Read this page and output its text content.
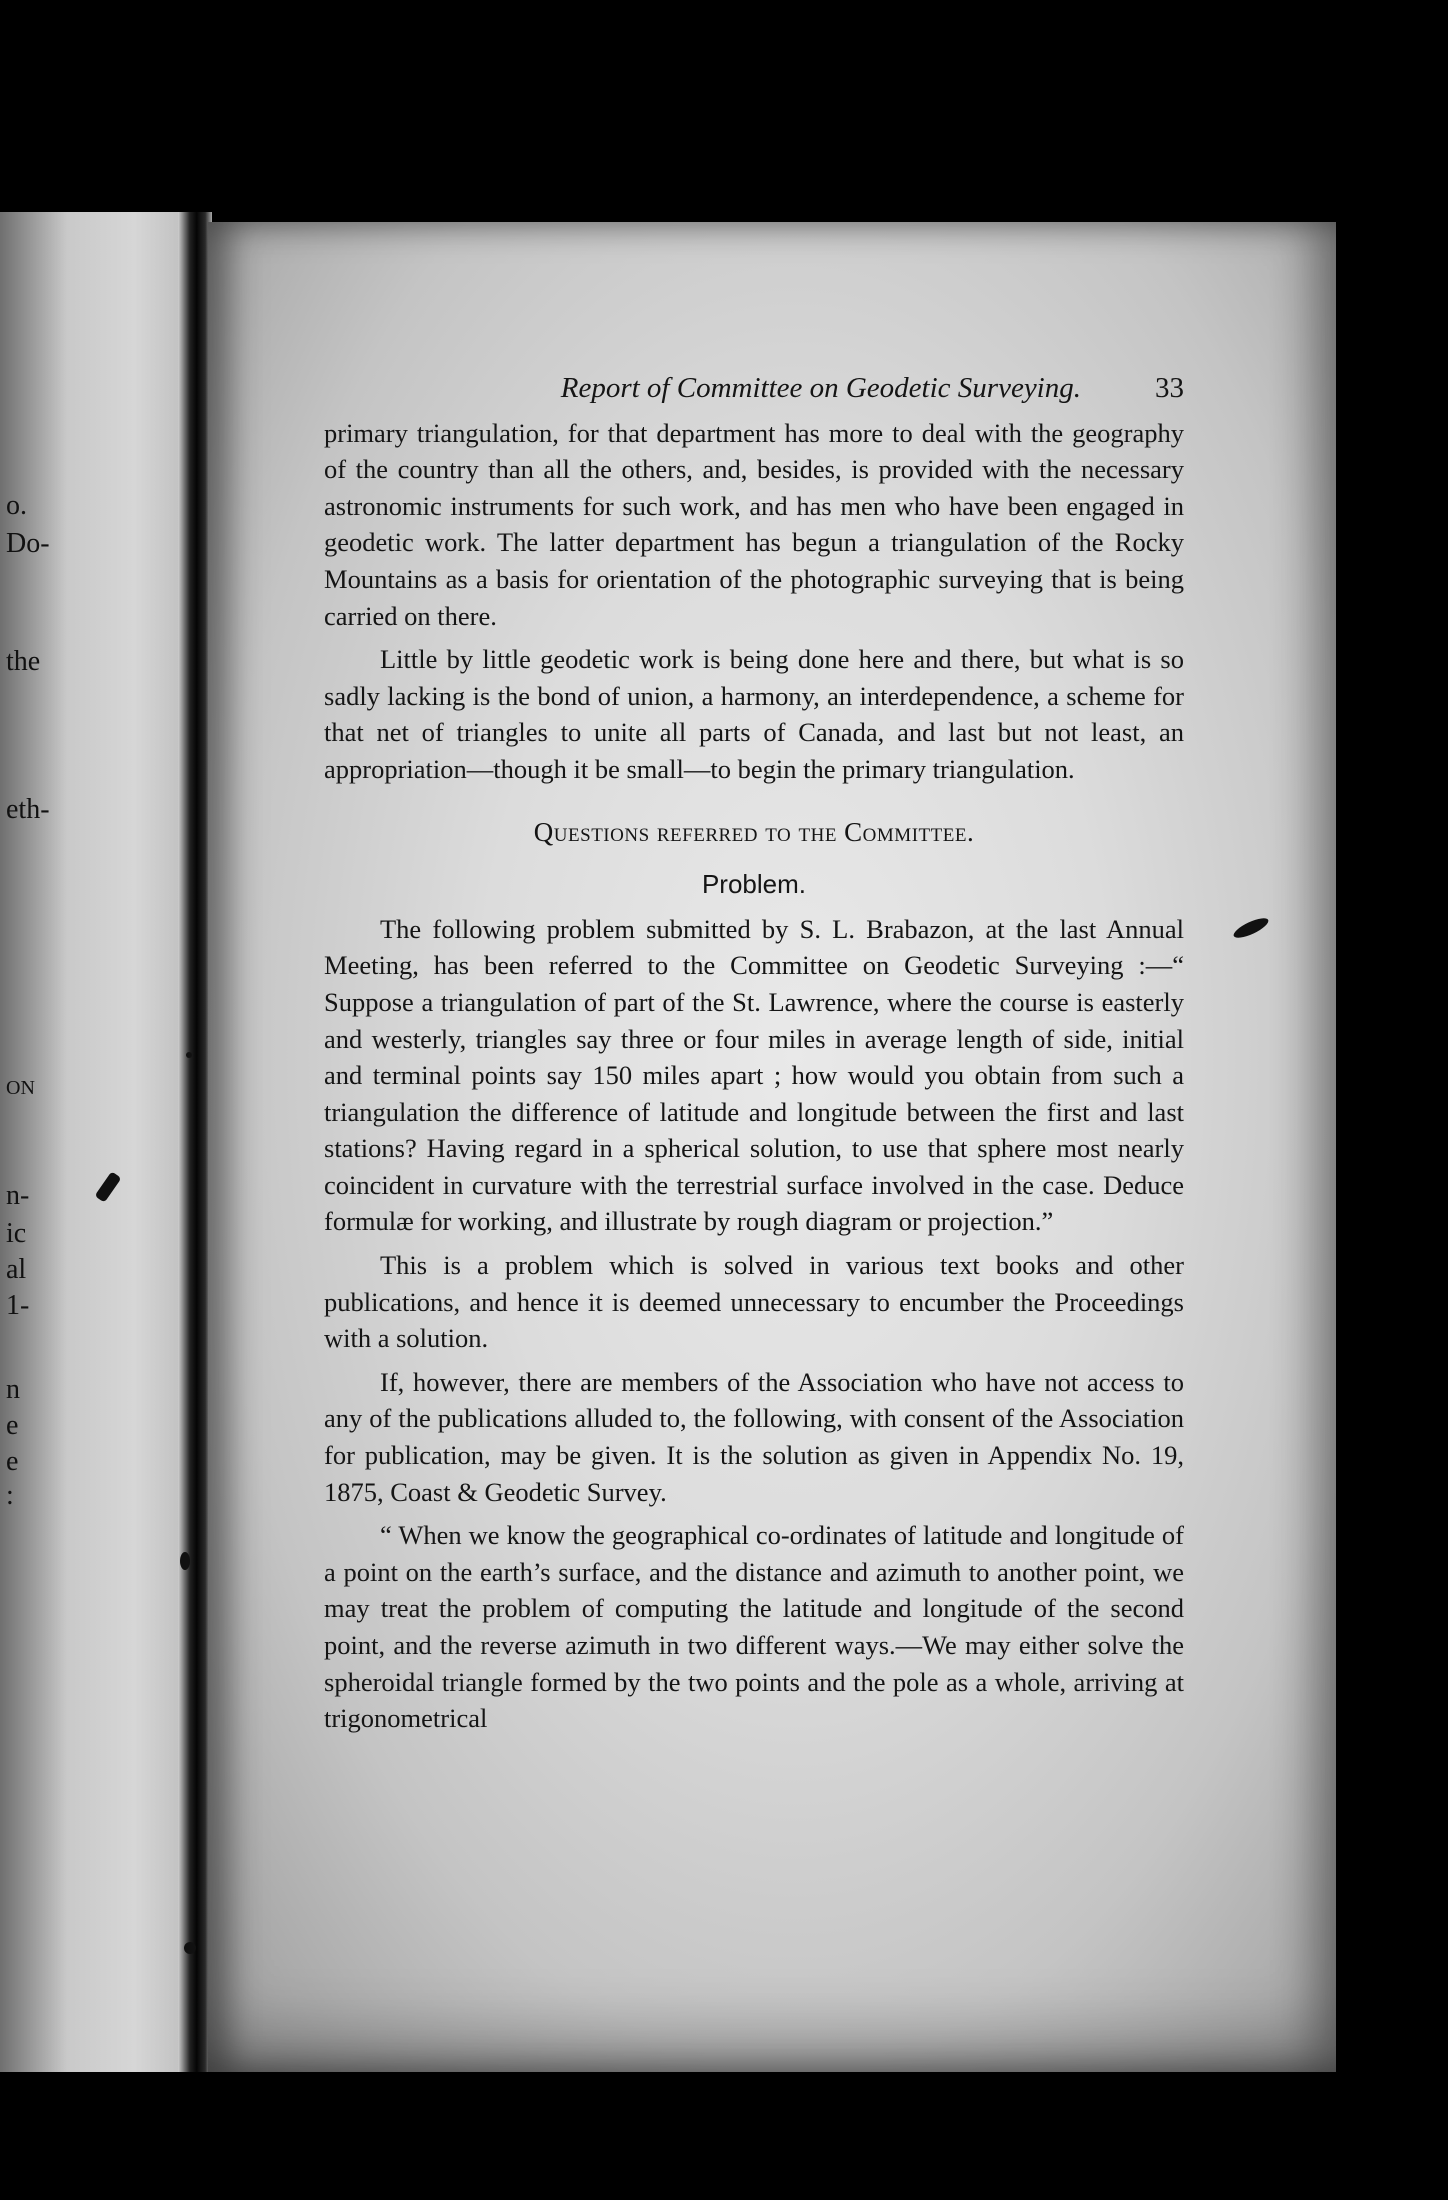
o.
Do-
the
eth-
ON
n-
ic
al
1-
n
e
e
:
Report of Committee on Geodetic Surveying.	33

primary triangulation, for that department has more to deal with the geography of the country than all the others, and, besides, is provided with the necessary astronomic instruments for such work, and has men who have been engaged in geodetic work. The latter department has begun a triangulation of the Rocky Mountains as a basis for orientation of the photographic surveying that is being carried on there.

Little by little geodetic work is being done here and there, but what is so sadly lacking is the bond of union, a harmony, an interdependence, a scheme for that net of triangles to unite all parts of Canada, and last but not least, an appropriation—though it be small—to begin the primary triangulation.

Questions referred to the Committee.
Problem.

The following problem submitted by S. L. Brabazon, at the last Annual Meeting, has been referred to the Committee on Geodetic Surveying :—“ Suppose a triangulation of part of the St. Lawrence, where the course is easterly and westerly, triangles say three or four miles in average length of side, initial and terminal points say 150 miles apart ; how would you obtain from such a triangulation the difference of latitude and longitude between the first and last stations? Having regard in a spherical solution, to use that sphere most nearly coincident in curvature with the terrestrial surface involved in the case. Deduce formulæ for working, and illustrate by rough diagram or projection.”

This is a problem which is solved in various text books and other publications, and hence it is deemed unnecessary to encumber the Proceedings with a solution.

If, however, there are members of the Association who have not access to any of the publications alluded to, the following, with consent of the Association for publication, may be given. It is the solution as given in Appendix No. 19, 1875, Coast & Geodetic Survey.

“ When we know the geographical co-ordinates of latitude and longitude of a point on the earth’s surface, and the distance and azimuth to another point, we may treat the problem of computing the latitude and longitude of the second point, and the reverse azimuth in two different ways.—We may either solve the spheroidal triangle formed by the two points and the pole as a whole, arriving at trigonometrical
